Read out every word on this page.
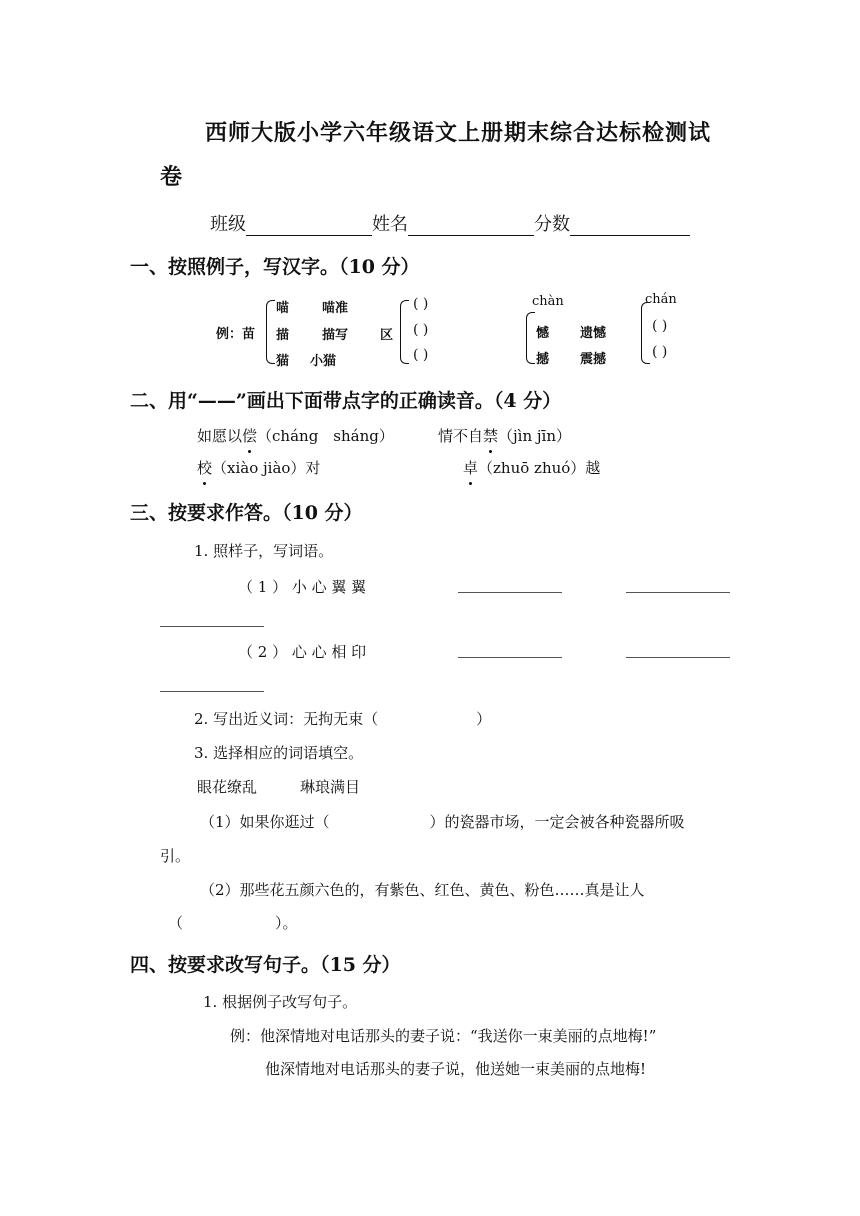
西师大版小学六年级语文上册期末综合达标检测试
卷
班级	姓名	分数
一、按照例子，写汉字。（10 分）
例：苗
喵	喵准
描	描写
猫 小猫
区
( )
( )
( )
chàn
憾 遗憾
撼 震撼
chán
( )
( )
二、用“——”画出下面带点字的正确读音。（4 分）
如愿以偿（cháng　sháng）	情不自禁（jìn jīn）
校（xiào jiào）对	卓（zhuō zhuó）越
三、按要求作答。（10 分）
1. 照样子，写词语。
（ 1 ） 小 心 翼 翼
（ 2 ） 心 心 相 印
2. 写出近义词：无拘无束（	）
3. 选择相应的词语填空。
眼花缭乱	琳琅满目
（1）如果你逛过（	）的瓷器市场，一定会被各种瓷器所吸
引。
（2）那些花五颜六色的，有紫色、红色、黄色、粉色……真是让人
（	）。
四、按要求改写句子。（15 分）
1. 根据例子改写句子。
例：他深情地对电话那头的妻子说：“我送你一束美丽的点地梅!”
他深情地对电话那头的妻子说，他送她一束美丽的点地梅!
